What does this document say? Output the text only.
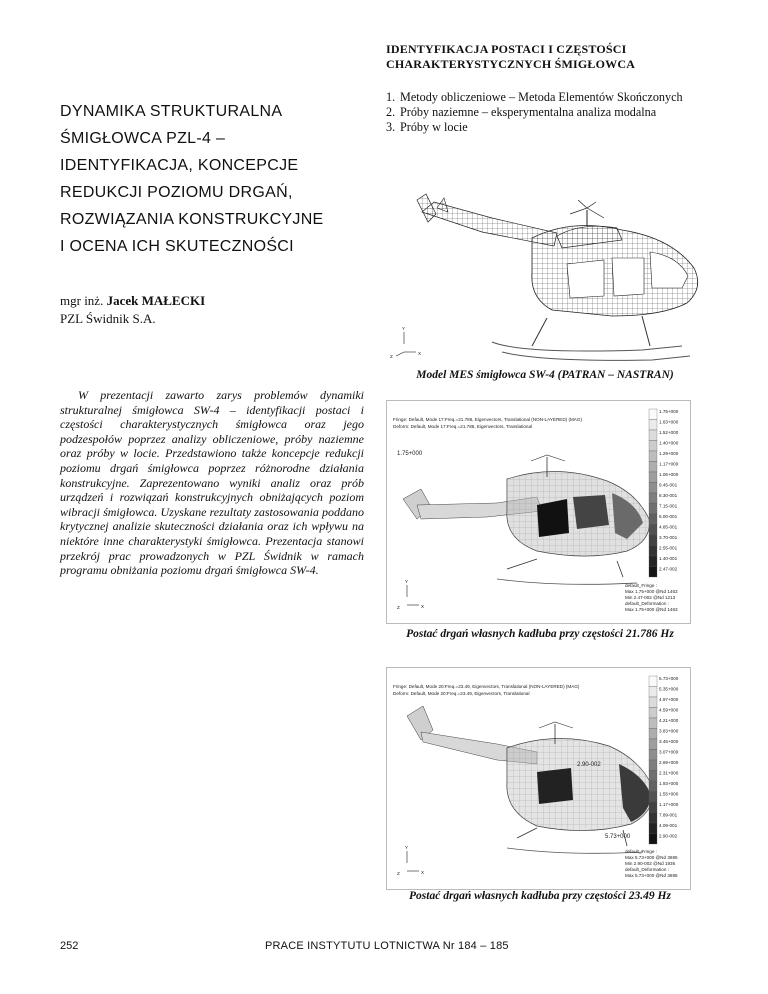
IDENTYFIKACJA POSTACI I CZĘSTOŚCI CHARAKTERYSTYCZNYCH ŚMIGŁOWCA
DYNAMIKA STRUKTURALNA
ŚMIGŁOWCA PZL-4 –
IDENTYFIKACJA, KONCEPCJE
REDUKCJI POZIOMU DRGAŃ,
ROZWIĄZANIA KONSTRUKCYJNE
I OCENA ICH SKUTECZNOŚCI
1. Metody obliczeniowe – Metoda Elementów Skończonych
2. Próby naziemne – eksperymentalna analiza modalna
3. Próby w locie
mgr inż. Jacek MAŁECKI
PZL Świdnik S.A.
W prezentacji zawarto zarys problemów dynamiki strukturalnej śmigłowca SW-4 – identyfikacji postaci i częstości charakterystycznych śmigłowca oraz jego podzespołów poprzez analizy obliczeniowe, próby naziemne oraz próby w locie. Przedstawiono także koncepcje redukcji poziomu drgań śmigłowca poprzez różnorodne działania konstrukcyjne. Zaprezentowano wyniki analiz oraz prób urządzeń i rozwiązań konstrukcyjnych obniżających poziom wibracji śmigłowca. Uzyskane rezultaty zastosowania poddano krytycznej analizie skuteczności działania oraz ich wpływu na niektóre inne charakterystyki śmigłowca. Prezentacja stanowi przekrój prac prowadzonych w PZL Świdnik w ramach programu obniżania poziomu drgań śmigłowca SW-4.
Y
Z
X
Model MES śmigłowca SW-4 (PATRAN – NASTRAN)
Fringe: Default, Mode 17:Freq.=21.786, Eigenvectors, Translational (NON-LAYERED) (MAG)
Deform: Default, Mode 17:Freq.=21.786, Eigenvectors, Translational
1.75+000
1.75+000
1.63+000
1.52+000
1.40+000
1.29+000
1.17+000
1.06+000
9.45-001
8.30-001
7.15-001
6.00-001
4.85-001
3.70-001
2.55-001
1.40-001
2.47-002
default_Fringe :
Max 1.75+000 @Nd 1463
Min 2.47-002 @Nd 1213
default_Deformation :
Max 1.75+000 @Nd 1463
Y
Z	X
Postać drgań własnych kadłuba przy częstości 21.786 Hz
Fringe: Default, Mode 20:Freq.=23.49, Eigenvectors, Translational (NON-LAYERED) (MAG)
Deform: Default, Mode 20:Freq.=23.49, Eigenvectors, Translational
2.90-002
5.73+000
5.73+000
5.35+000
4.97+000
4.59+000
4.21+000
3.83+000
3.45+000
3.07+000
2.69+000
2.31+000
1.93+000
1.55+000
1.17+000
7.89-001
4.09-001
2.90-002
default_Fringe :
Max 5.73+000 @Nd 3695
Min 2.90-002 @Nd 1936
default_Deformation :
Max 5.73+000 @Nd 3695
Y
Z	X
Postać drgań własnych kadłuba przy częstości 23.49 Hz
252	PRACE INSTYTUTU LOTNICTWA Nr 184 – 185
